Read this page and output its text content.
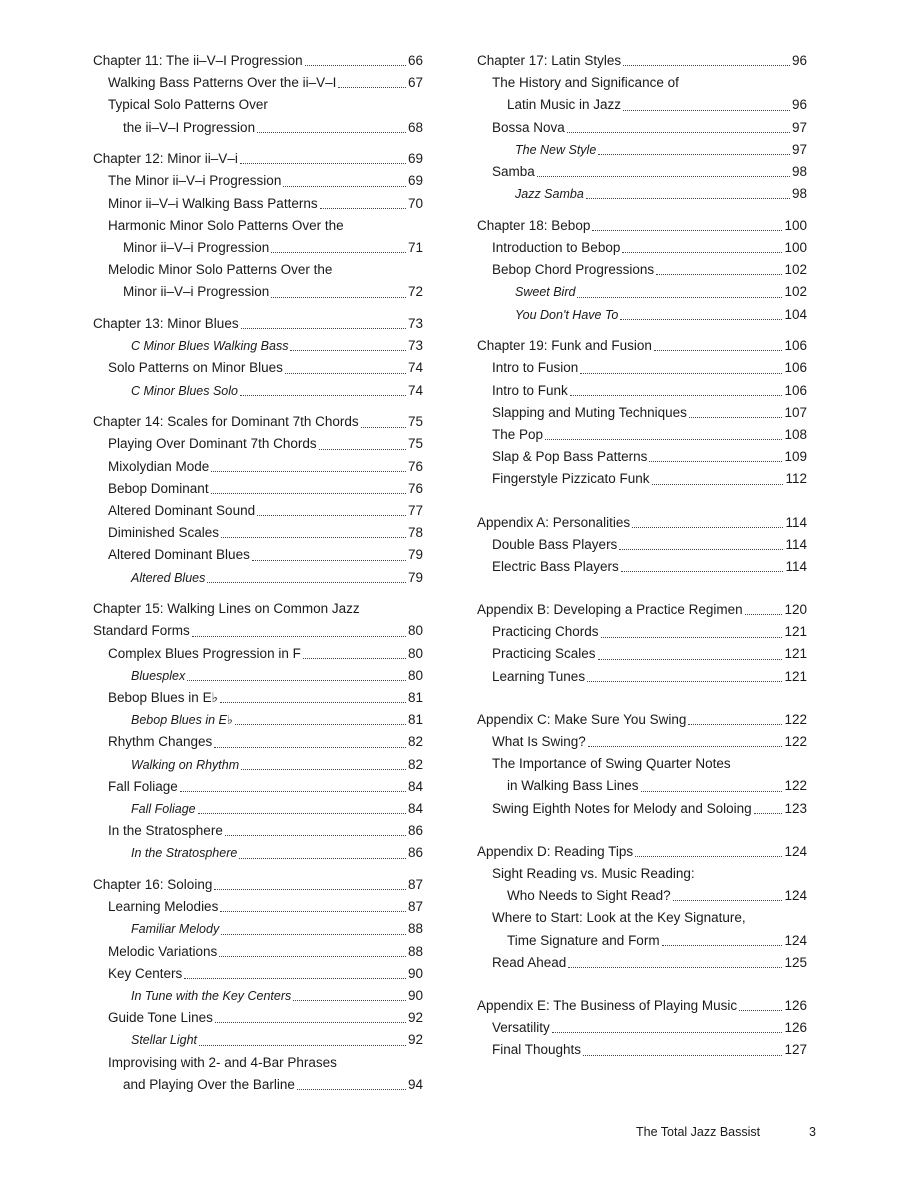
Chapter 11: The ii–V–I Progression	66
Walking Bass Patterns Over the ii–V–I	67
Typical Solo Patterns Over
the ii–V–I Progression	68
Chapter 12: Minor ii–V–i	69
The Minor ii–V–i Progression	69
Minor ii–V–i Walking Bass Patterns	70
Harmonic Minor Solo Patterns Over the
Minor ii–V–i Progression	71
Melodic Minor Solo Patterns Over the
Minor ii–V–i Progression	72
Chapter 13: Minor Blues	73
C Minor Blues Walking Bass	73
Solo Patterns on Minor Blues	74
C Minor Blues Solo	74
Chapter 14: Scales for Dominant 7th Chords	75
Playing Over Dominant 7th Chords	75
Mixolydian Mode	76
Bebop Dominant	76
Altered Dominant Sound	77
Diminished Scales	78
Altered Dominant Blues	79
Altered Blues	79
Chapter 15: Walking Lines on Common Jazz
Standard Forms	80
Complex Blues Progression in F	80
Bluesplex	80
Bebop Blues in E♭	81
Bebop Blues in E♭	81
Rhythm Changes	82
Walking on Rhythm	82
Fall Foliage	84
Fall Foliage	84
In the Stratosphere	86
In the Stratosphere	86
Chapter 16: Soloing	87
Learning Melodies	87
Familiar Melody	88
Melodic Variations	88
Key Centers	90
In Tune with the Key Centers	90
Guide Tone Lines	92
Stellar Light	92
Improvising with 2- and 4-Bar Phrases
and Playing Over the Barline	94
Chapter 17: Latin Styles	96
The History and Significance of
Latin Music in Jazz	96
Bossa Nova	97
The New Style	97
Samba	98
Jazz Samba	98
Chapter 18: Bebop	100
Introduction to Bebop	100
Bebop Chord Progressions	102
Sweet Bird	102
You Don't Have To	104
Chapter 19: Funk and Fusion	106
Intro to Fusion	106
Intro to Funk	106
Slapping and Muting Techniques	107
The Pop	108
Slap & Pop Bass Patterns	109
Fingerstyle Pizzicato Funk	112
Appendix A: Personalities	114
Double Bass Players	114
Electric Bass Players	114
Appendix B: Developing a Practice Regimen	120
Practicing Chords	121
Practicing Scales	121
Learning Tunes	121
Appendix C: Make Sure You Swing	122
What Is Swing?	122
The Importance of Swing Quarter Notes
in Walking Bass Lines	122
Swing Eighth Notes for Melody and Soloing 123
Appendix D: Reading Tips	124
Sight Reading vs. Music Reading:
Who Needs to Sight Read?	124
Where to Start: Look at the Key Signature,
Time Signature and Form	124
Read Ahead	125
Appendix E: The Business of Playing Music	126
Versatility	126
Final Thoughts	127
The Total Jazz Bassist	3
